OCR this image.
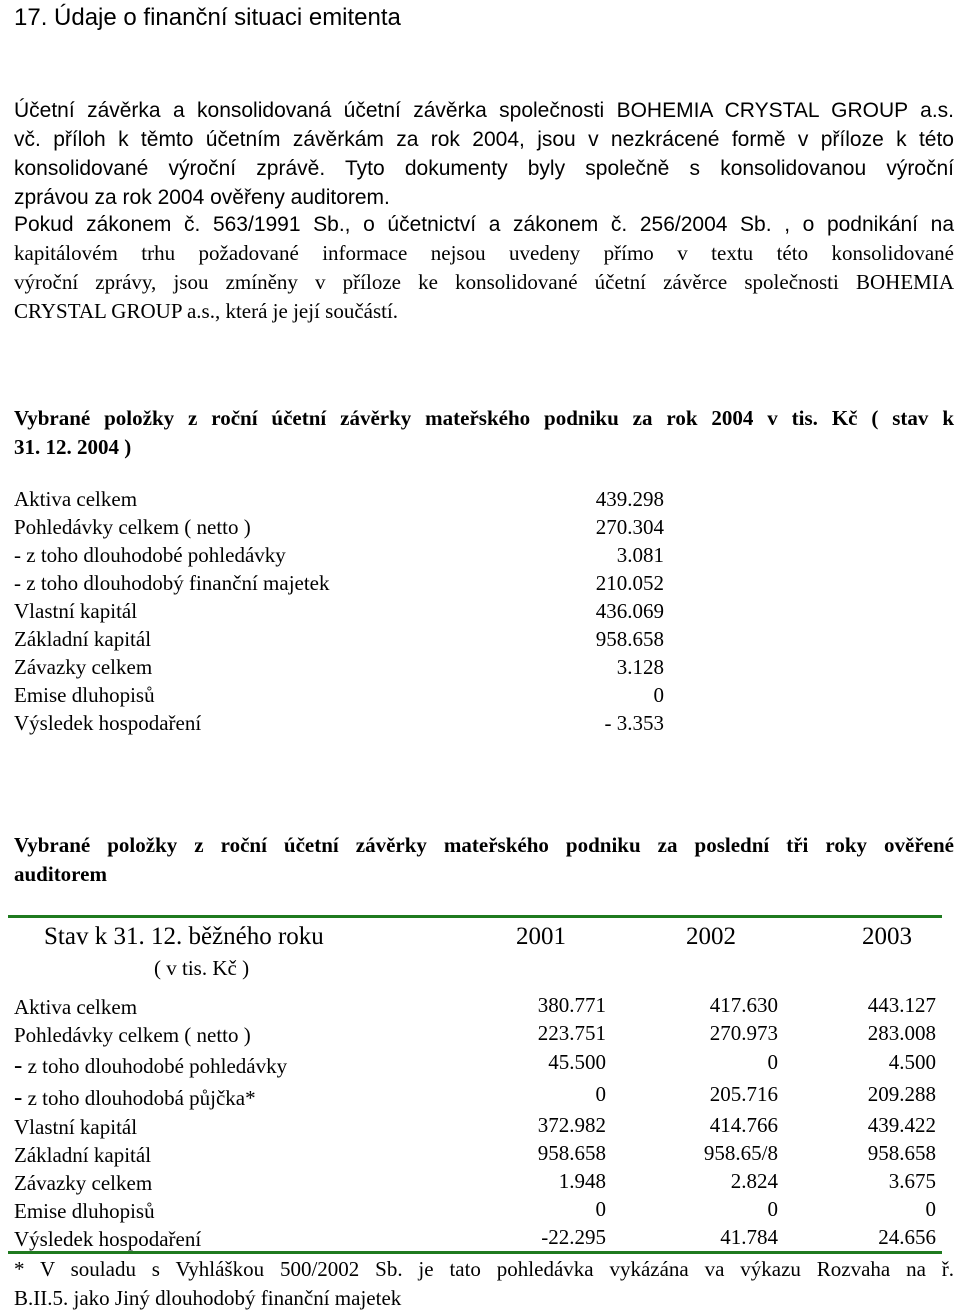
17. Údaje o finanční situaci emitenta
Účetní závěrka a konsolidovaná účetní závěrka společnosti BOHEMIA CRYSTAL GROUP a.s.
vč. příloh k těmto účetním závěrkám za rok 2004, jsou v nezkrácené formě v příloze k této
konsolidované výroční zprávě. Tyto dokumenty byly společně s konsolidovanou výroční
zprávou za rok 2004 ověřeny auditorem.
Pokud zákonem č. 563/1991 Sb., o účetnictví a zákonem č. 256/2004 Sb. , o podnikání na
kapitálovém trhu požadované informace nejsou uvedeny přímo v textu této konsolidované
výroční zprávy, jsou zmíněny v příloze ke konsolidované účetní závěrce společnosti BOHEMIA
CRYSTAL GROUP a.s., která je její součástí.
Vybrané položky z roční účetní závěrky mateřského podniku za rok 2004 v tis. Kč ( stav k
31. 12. 2004 )
Aktiva celkem	439.298
Pohledávky celkem ( netto )	270.304
- z toho dlouhodobé pohledávky	3.081
- z toho dlouhodobý finanční majetek	210.052
Vlastní kapitál	436.069
Základní kapitál	958.658
Závazky celkem	3.128
Emise dluhopisů	0
Výsledek hospodaření	- 3.353
Vybrané položky z roční účetní závěrky mateřského podniku za poslední tři roky ověřené
auditorem
Stav k 31. 12. běžného roku
( v tis. Kč )
2001	2002	2003
Aktiva celkem	380.771	417.630	443.127
Pohledávky celkem ( netto )	223.751	270.973	283.008
- z toho dlouhodobé pohledávky	45.500	0	4.500
- z toho dlouhodobá půjčka*	0	205.716	209.288
Vlastní kapitál	372.982	414.766	439.422
Základní kapitál	958.658	958.65/8	958.658
Závazky celkem	1.948	2.824	3.675
Emise dluhopisů	0	0	0
Výsledek hospodaření	-22.295	41.784	24.656
* V souladu s Vyhláškou 500/2002 Sb. je tato pohledávka vykázána va výkazu Rozvaha na ř.
B.II.5. jako Jiný dlouhodobý finanční majetek
